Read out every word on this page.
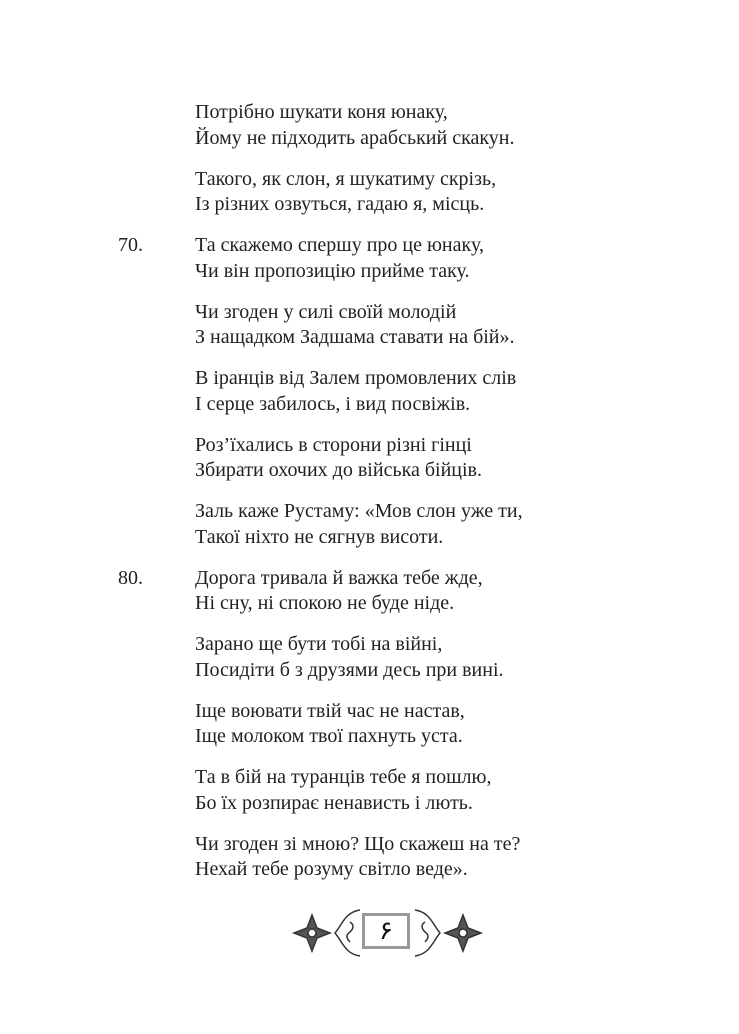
Потрібно шукати коня юнаку,
Йому не підходить арабський скакун.
Такого, як слон, я шукатиму скрізь,
Із різних озвуться, гадаю я, місць.
70.	Та скажемо спершу про це юнаку,
Чи він пропозицію прийме таку.
Чи згоден у силі своїй молодій
З нащадком Задшама ставати на бій».
В іранців від Залем промовлених слів
І серце забилось, і вид посвіжів.
Роз’їхались в сторони різні гінці
Збирати охочих до війська бійців.
Заль каже Рустаму: «Мов слон уже ти,
Такої ніхто не сягнув висоти.
80.	Дорога тривала й важка тебе жде,
Ні сну, ні спокою не буде ніде.
Зарано ще бути тобі на війні,
Посидіти б з друзями десь при вині.
Іще воювати твій час не настав,
Іще молоком твої пахнуть уста.
Та в бій на туранців тебе я пошлю,
Бо їх розпирає ненависть і лють.
Чи згоден зі мною? Що скажеш на те?
Нехай тебе розуму світло веде».
۶
